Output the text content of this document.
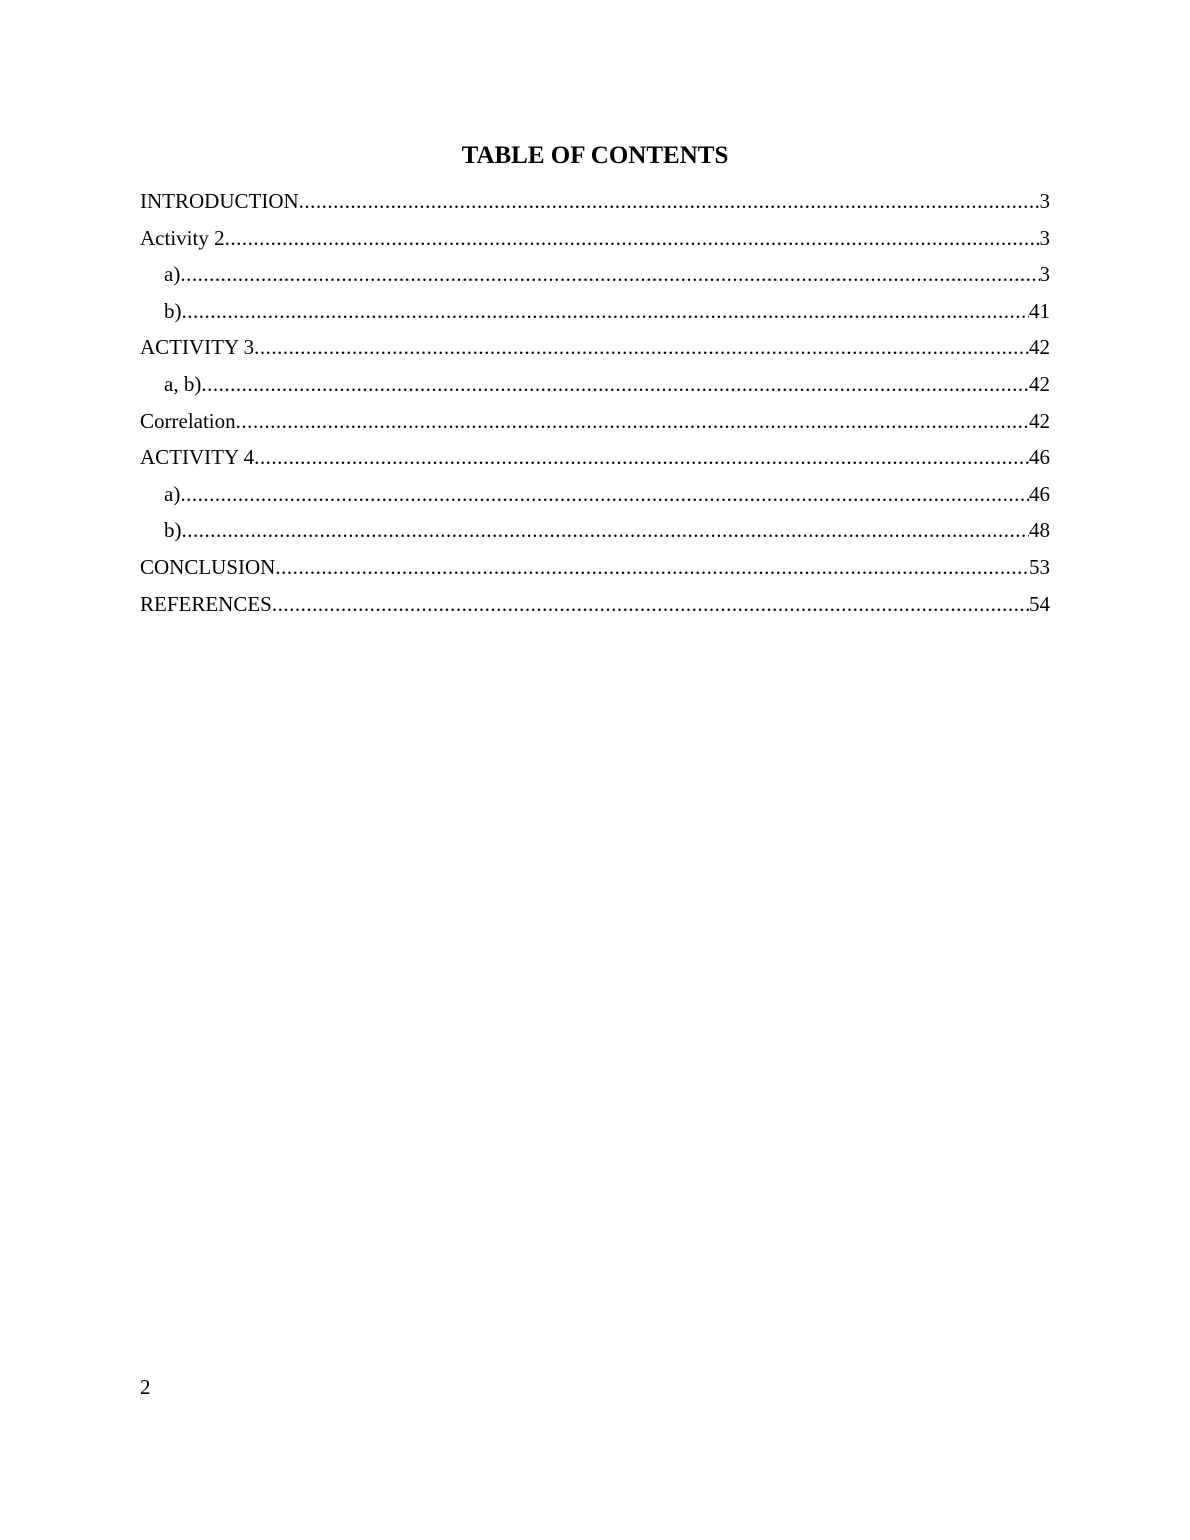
TABLE OF CONTENTS
INTRODUCTION .....	3
Activity 2 .....	3
a) .....	3
b) .....	41
ACTIVITY 3 .....	42
a, b) .....	42
Correlation .....	42
ACTIVITY 4 .....	46
a) .....	46
b) .....	48
CONCLUSION .....	53
REFERENCES .....	54
2
